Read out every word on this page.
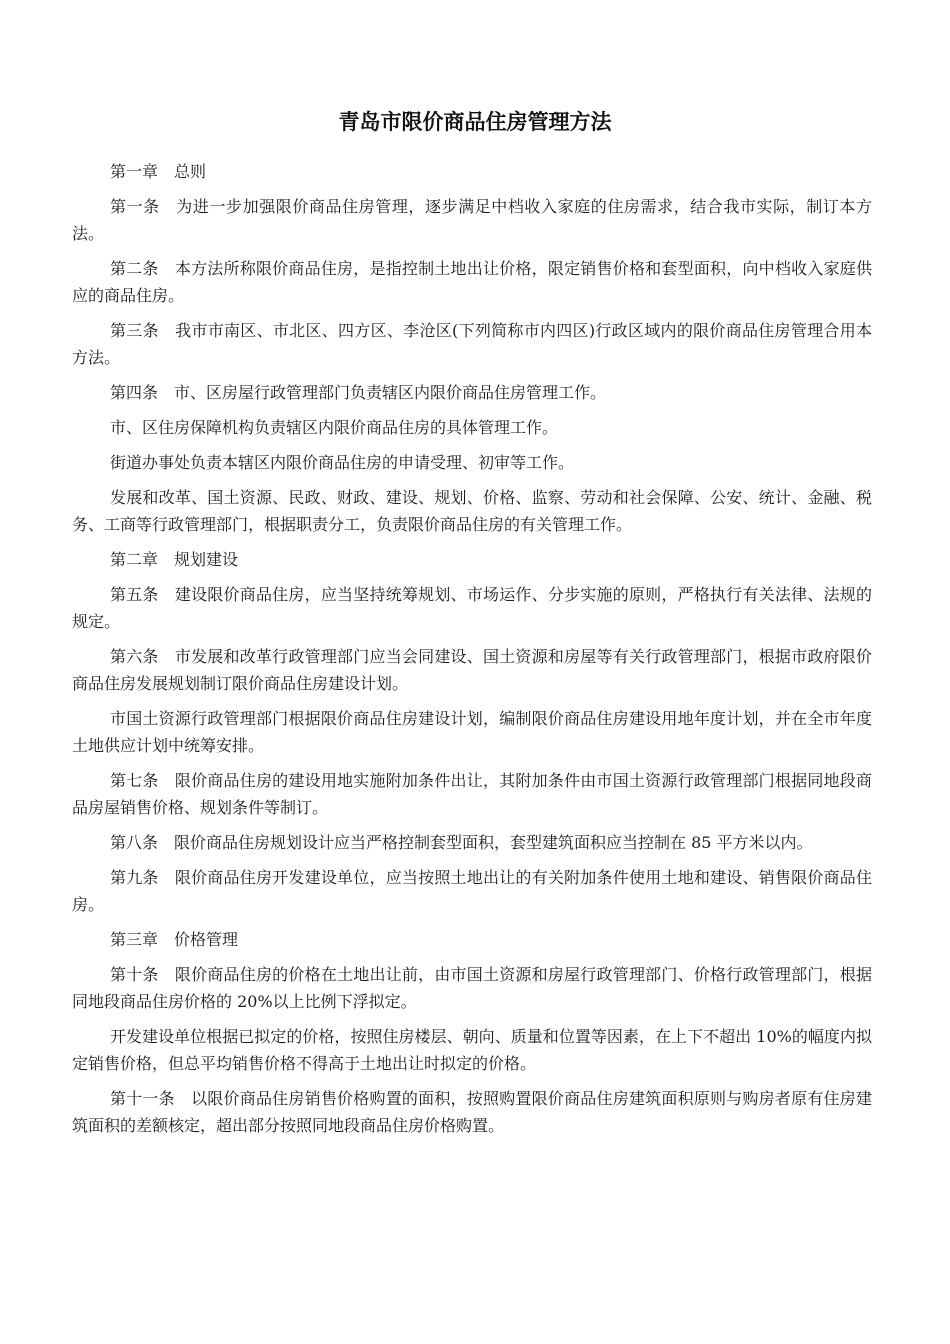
青岛市限价商品住房管理方法

第一章　总则

第一条　为进一步加强限价商品住房管理，逐步满足中档收入家庭的住房需求，结合我市实际，制订本方法。

第二条　本方法所称限价商品住房，是指控制土地出让价格，限定销售价格和套型面积，向中档收入家庭供应的商品住房。

第三条　我市市南区、市北区、四方区、李沧区(下列简称市内四区)行政区域内的限价商品住房管理合用本方法。

第四条　市、区房屋行政管理部门负责辖区内限价商品住房管理工作。

市、区住房保障机构负责辖区内限价商品住房的具体管理工作。

街道办事处负责本辖区内限价商品住房的申请受理、初审等工作。

发展和改革、国土资源、民政、财政、建设、规划、价格、监察、劳动和社会保障、公安、统计、金融、税务、工商等行政管理部门，根据职责分工，负责限价商品住房的有关管理工作。

第二章　规划建设

第五条　建设限价商品住房，应当坚持统筹规划、市场运作、分步实施的原则，严格执行有关法律、法规的规定。

第六条　市发展和改革行政管理部门应当会同建设、国土资源和房屋等有关行政管理部门，根据市政府限价商品住房发展规划制订限价商品住房建设计划。

市国土资源行政管理部门根据限价商品住房建设计划，编制限价商品住房建设用地年度计划，并在全市年度土地供应计划中统筹安排。

第七条　限价商品住房的建设用地实施附加条件出让，其附加条件由市国土资源行政管理部门根据同地段商品房屋销售价格、规划条件等制订。

第八条　限价商品住房规划设计应当严格控制套型面积，套型建筑面积应当控制在 85 平方米以内。

第九条　限价商品住房开发建设单位，应当按照土地出让的有关附加条件使用土地和建设、销售限价商品住房。

第三章　价格管理

第十条　限价商品住房的价格在土地出让前，由市国土资源和房屋行政管理部门、价格行政管理部门，根据同地段商品住房价格的 20%以上比例下浮拟定。

开发建设单位根据已拟定的价格，按照住房楼层、朝向、质量和位置等因素，在上下不超出 10%的幅度内拟定销售价格，但总平均销售价格不得高于土地出让时拟定的价格。

第十一条　以限价商品住房销售价格购置的面积，按照购置限价商品住房建筑面积原则与购房者原有住房建筑面积的差额核定，超出部分按照同地段商品住房价格购置。
